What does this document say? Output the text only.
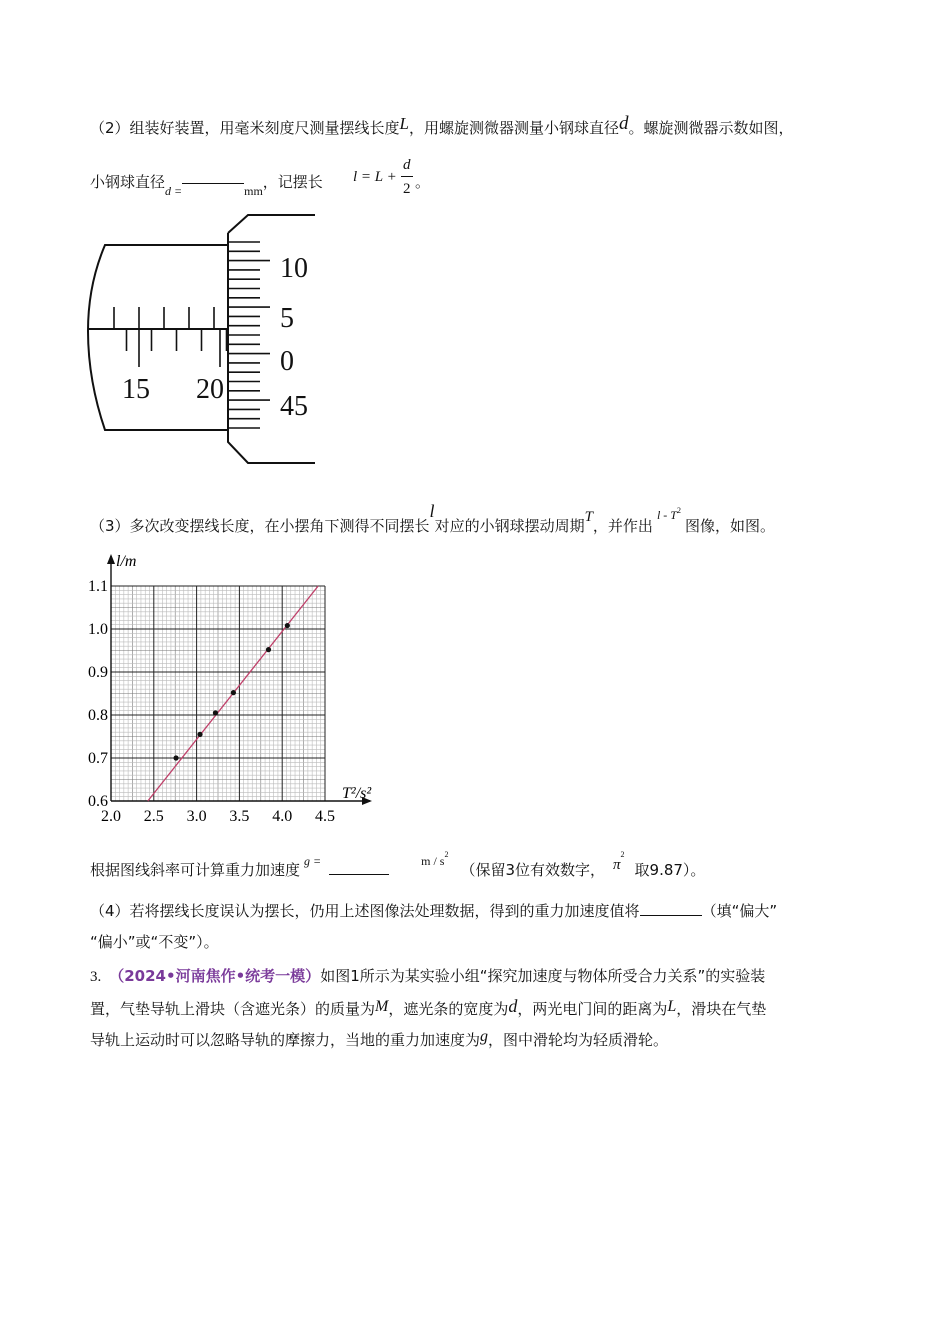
（2）组装好装置，用毫米刻度尺测量摆线长度L，用螺旋测微器测量小钢球直径d。螺旋测微器示数如图，
小钢球直径$_{d =}$	$_{mm}$，记摆长 l = L +
d
2 。
15 20
10
5
0
45
（3）多次改变摆线长度，在小摆角下测得不同摆长l对应的小钢球摆动周期T，并作出$^{l - T2}$图像，如图。
2.0 2.5 3.0 3.5 4.0 4.5
0.6
0.7
0.8
0.9
1.0
1.1
l/m
T²/s²
根据图线斜率可计算重力加速度 $^{g =}$	$^{m / s2}$（保留3位有效数字， $\pi^2$取9.87）。
（4）若将摆线长度误认为摆长，仍用上述图像法处理数据，得到的重力加速度值将	（填“偏大”
“偏小”或“不变”）。
3. （2024•河南焦作•统考一模）如图1所示为某实验小组“探究加速度与物体所受合力关系”的实验装
置，气垫导轨上滑块（含遮光条）的质量为M，遮光条的宽度为d，两光电门间的距离为L，滑块在气垫
导轨上运动时可以忽略导轨的摩擦力，当地的重力加速度为g，图中滑轮均为轻质滑轮。
